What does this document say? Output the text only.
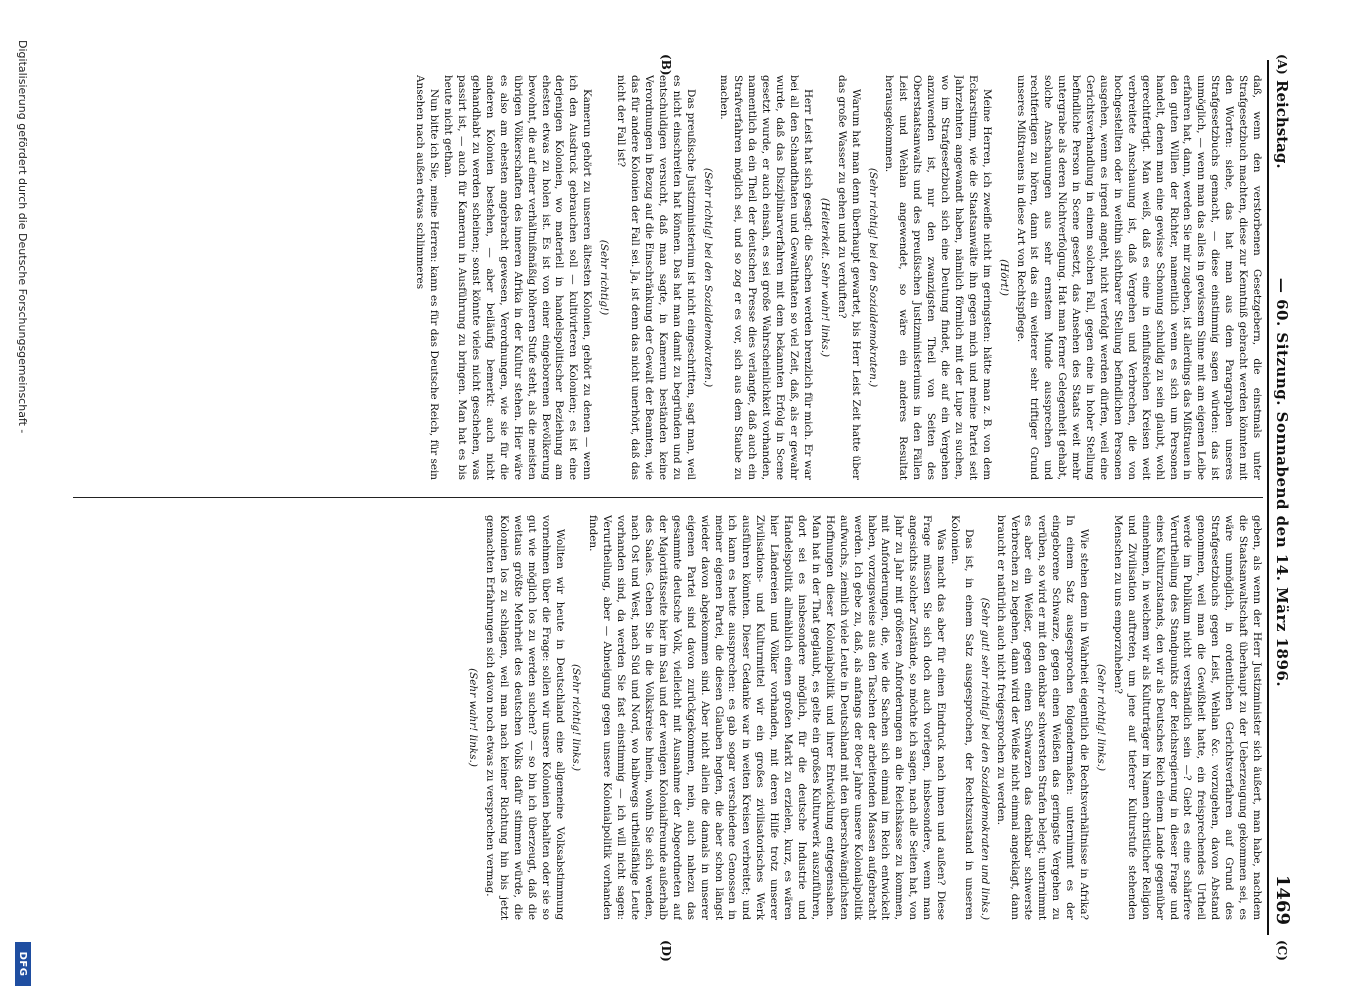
Reichstag.
— 60. Sitzung. Sonnabend den 14. März 1896.
1469
(A)
(B)
(C)
(D)

daß, wenn den verstorbenen Gesetzgebern, die einstmals unter Strafgesetzbuch machten, diese zur Kenntniß gebracht werden könnten mit den Worten: siehe, das hat man aus dem Paragraphen unseres Strafgesetzbuchs gemacht, — diese einstimmig sagen würden: das ist unmöglich, — wenn man das alles in gewissem Sinne mit am eigenen Leibe erfahren hat, dann, werden Sie mir zugeben, ist allerdings das Mißtrauen in den guten Willen der Richter, namentlich wenn es sich um Personen handelt, denen man eine gewisse Schonung schuldig zu sein glaubt, wohl gerechtfertigt. Man weiß, daß es eine in einflußreichen Kreisen weit verbreitete Anschauung ist, daß Vergehen und Verbrechen, die von hochgestellten oder in weithin sichtbarer Stellung befindlichen Personen ausgehen, wenn es irgend angeht, nicht verfolgt werden dürfen, weil eine Gerichtsverhandlung in einem solchen Fall, gegen eine in hoher Stellung befindliche Person in Scene gesetzt, das Ansehen des Staats weit mehr untergrabe als deren Nichtverfolgung. Hat man ferner Gelegenheit gehabt, solche Anschauungen aus sehr ernstem Munde aussprechen und rechtfertigen zu hören, dann ist das ein weiterer sehr triftiger Grund unseres Mißtrauens in diese Art von Rechtspflege.

(Hört!)

Meine Herren, ich zweifle nicht im geringsten: hätte man z. B. von dem Eckarstimm, wie die Staatsanwälte ihn gegen mich und meine Partei seit Jahrzehnten angewandt haben, nämlich förmlich mit der Lupe zu suchen, wo im Strafgesetzbuch sich eine Deutung findet, die auf ein Vergehen anzuwenden ist, nur den zwanzigsten Theil von Seiten des Oberstaatsanwalts und des preußischen Justizministeriums in den Fällen Leist und Wehlan angewendet, so wäre ein anderes Resultat herausgekommen.

(Sehr richtig! bei den Sozialdemokraten.)

Warum hat man denn überhaupt gewartet, bis Herr Leist Zeit hatte über das große Wasser zu gehen und zu verduften?

(Heiterkeit. Sehr wahr! links.)

Herr Leist hat sich gesagt: die Sachen werden brenzlich für mich. Er war bei all den Schandthaten und Gewaltthaten so viel Zeit, daß, als er gewahr wurde, daß das Disziplinarverfahren mit dem bekannten Erfolg in Scene gesetzt wurde, er auch einsah, es sei große Wahrscheinlichkeit vorhanden, namentlich da ein Theil der deutschen Presse dies verlangte, daß auch ein Strafverfahren möglich sei, und so zog er es vor, sich aus dem Staube zu machen.

(Sehr richtig! bei den Sozialdemokraten.)

Das preußische Justizministerium ist nicht eingeschritten, sagt man, weil es nicht einschreiten hat können. Das hat man damit zu begründen und zu entschuldigen versucht, daß man sagte, in Kamerun beständen keine Verordnungen in Bezug auf die Einschränkung der Gewalt der Beamten, wie das für andere Kolonien der Fall sei. Ja, ist denn das nicht unerhört, daß das nicht der Fall ist?

(Sehr richtig!)

Kamerun gehört zu unseren ältesten Kolonien, gehört zu denen — wenn ich den Ausdruck gebrauchen soll — kultivirteren Kolonien; es ist eine derjenigen Kolonien, wo materiell in handelspolitischer Beziehung am ehesten etwas zu holen ist. Es ist von einer eingeborenen Bevölkerung bewohnt, die auf einer verhältnißmäßig höheren Stufe steht, als die meisten übrigen Völkerschaften des inneren Afrika in der Kultur stehen. Hier wäre es also am ehesten angebracht gewesen, Verordnungen, wie sie für die anderen Kolonien bestehen, — aber beiläufig bemerkt: auch nicht gehandhabt zu werden scheinen; sonst könnte vieles nicht geschehen, was passirt ist, — auch für Kamerun in Ausführung zu bringen. Man hat es bis heute nicht gethan.

Nun bitte ich Sie, meine Herren: kann es für das Deutsche Reich, für sein Ansehen nach außen etwas schlimmeres

geben, als wenn der Herr Justizminister sich äußert, man habe, nachdem die Staatsanwaltschaft überhaupt zu der Ueberzeugung gekommen sei, es wäre unmöglich, in ordentlichen Gerichtsverfahren auf Grund des Strafgesetzbuchs gegen Leist, Wehlan &c. vorzugehen, davon Abstand genommen, weil man die Gewißheit hatte, ein freisprechendes Urtheil werde im Publikum nicht verständlich sein —? Giebt es eine schärfere Verurtheilung des Standpunkts der Reichsregierung in dieser Frage und eines Kulturzustands, den wir als Deutsches Reich einem Lande gegenüber einnehmen, in welchem wir als Kulturträger im Namen christlicher Religion und Zivilisation auftreten, um jene auf tieferer Kulturstufe stehenden Menschen zu uns emporzuheben?

(Sehr richtig! links.)

Wie stehen denn in Wahrheit eigentlich die Rechtsverhältnisse in Afrika? In einem Satz ausgesprochen folgendermaßen: unternimmt es der eingeborene Schwarze, gegen einen Weißen das geringste Vergehen zu verüben, so wird er mit den denkbar schwersten Strafen belegt; unternimmt es aber ein Weißer, gegen einen Schwarzen das denkbar schwerste Verbrechen zu begehen, dann wird der Weiße nicht einmal angeklagt, dann braucht er natürlich auch nicht freigesprochen zu werden.

(Sehr gut! sehr richtig! bei den Sozialdemokraten und links.)

Das ist, in einem Satz ausgesprochen, der Rechtszustand in unseren Kolonien.

Was macht das aber für einen Eindruck nach innen und außen? Diese Frage müssen Sie sich doch auch vorlegen, insbesondere, wenn man angesichts solcher Zustände, so möchte ich sagen, nach alle Seiten hat, von Jahr zu Jahr mit größeren Anforderungen an die Reichskasse zu kommen, mit Anforderungen, die, wie die Sachen sich einmal im Reich entwickelt haben, vorzugsweise aus den Taschen der arbeitenden Massen aufgebracht werden. Ich gebe zu, daß, als anfangs der 80er Jahre unsere Kolonialpolitik aufwuchs, ziemlich viele Leute in Deutschland mit den überschwänglichsten Hoffnungen dieser Kolonialpolitik und ihrer Entwicklung entgegensahen. Man hat in der That geglaubt, es gelte ein großes Kulturwerk auszuführen, dort sei es insbesondere möglich, für die deutsche Industrie und Handelspolitik allmählich einen großen Markt zu erzielen, kurz, es wären hier Ländereien und Völker vorhanden, mit deren Hilfe trotz unserer Zivilisations- und Kulturmittel wir ein großes zivilisatorisches Werk ausführen könnten. Dieser Gedanke war in weiten Kreisen verbreitet; und ich kann es heute aussprechen: es gab sogar verschiedene Genossen in meiner eigenen Partei, die diesen Glauben hegten, die aber schon längst wieder davon abgekommen sind. Aber nicht allein die damals in unserer eigenen Partei sind davon zurückgekommen, nein, auch nahezu das gesammte deutsche Volk, vielleicht mit Ausnahme der Abgeordneten auf der Majoritätsseite hier im Saal und der wenigen Kolonialfreunde außerhalb des Saales. Gehen Sie in die Volkskreise hinein, wohin Sie sich wenden, nach Ost und West, nach Süd und Nord, wo halbwegs urtheilsfähige Leute vorhanden sind, da werden Sie fast einstimmig — ich will nicht sagen: Verurtheilung, aber — Abneigung gegen unsere Kolonialpolitik vorhanden finden.

(Sehr richtig! links.)

Wollten wir heute in Deutschland eine allgemeine Volksabstimmung vornehmen über die Frage: sollen wir unsere Kolonien behalten oder sie so gut wie möglich los zu werden suchen? — so bin ich überzeugt, daß die weitaus größte Mehrheit des deutschen Volks dafür stimmen würde, die Kolonien los zu schlagen, weil man nach keiner Richtung hin bis jetzt gemachten Erfahrungen sich davon noch etwas zu versprechen vermag.

(Sehr wahr! links.)

Digitalisierung gefördert durch die Deutsche Forschungsgemeinschaft -
DFG
